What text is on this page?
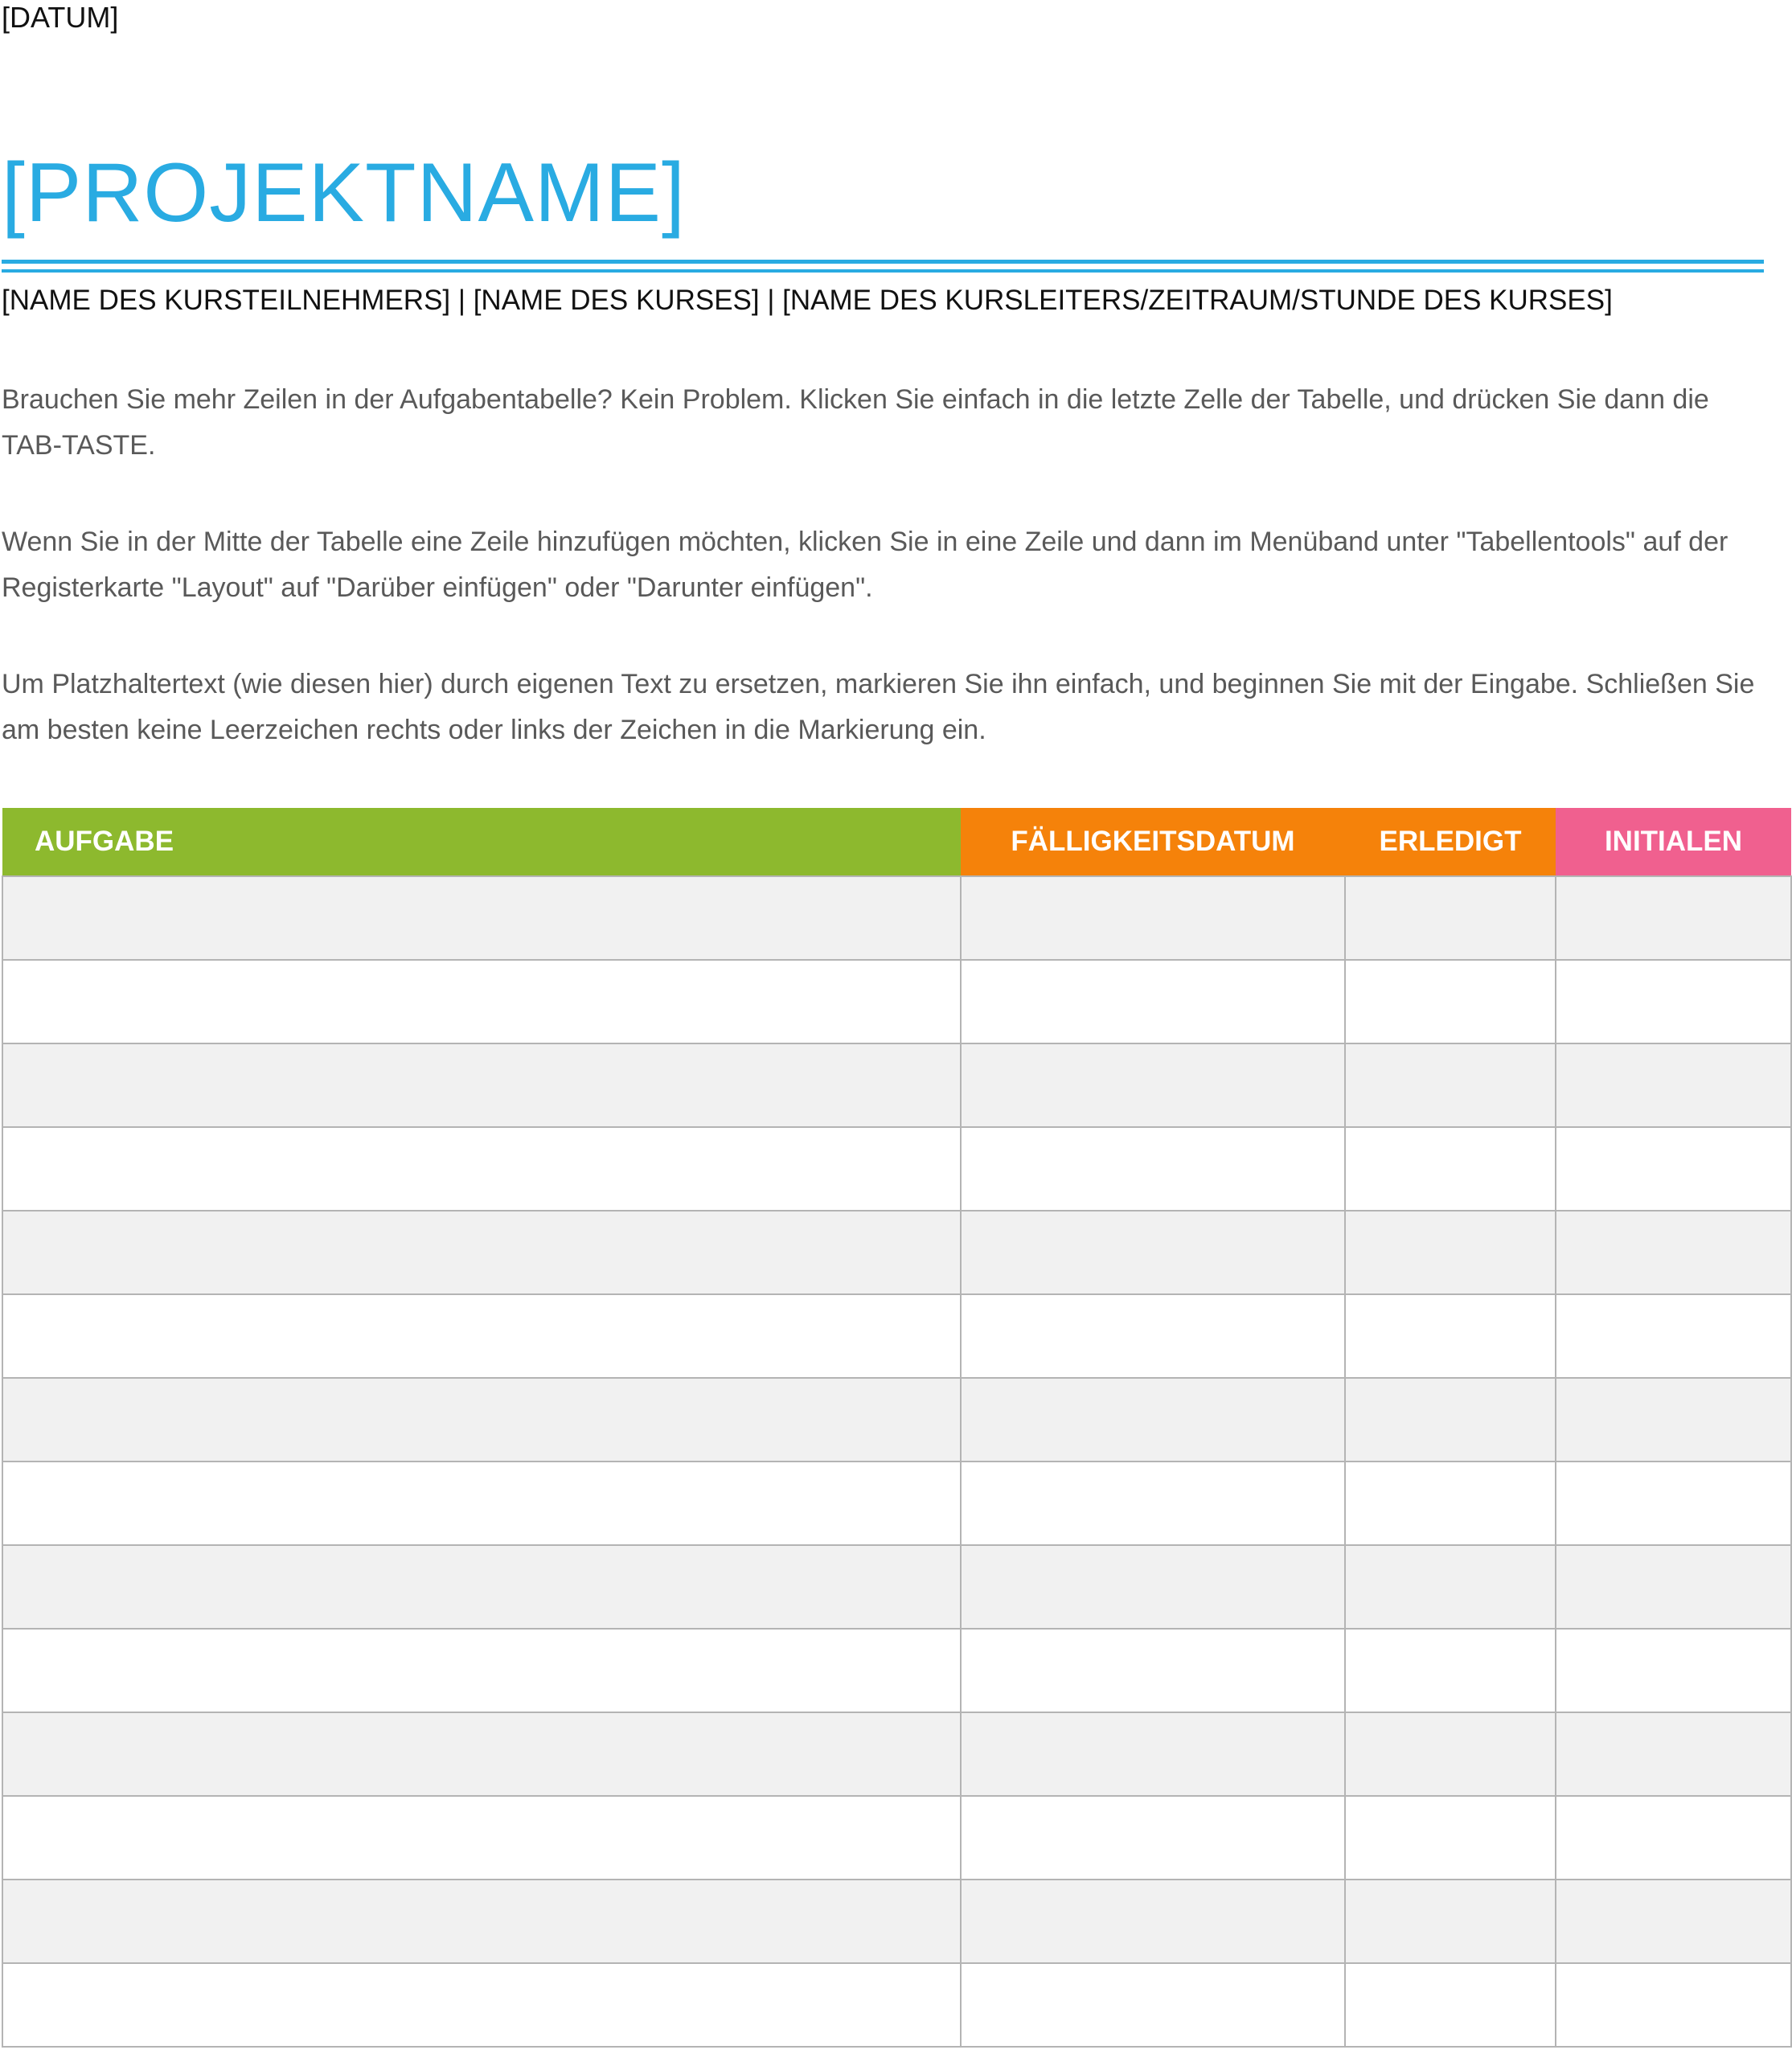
[DATUM]
[PROJEKTNAME]
[NAME DES KURSTEILNEHMERS] | [NAME DES KURSES] | [NAME DES KURSLEITERS/ZEITRAUM/STUNDE DES KURSES]

Brauchen Sie mehr Zeilen in der Aufgabentabelle? Kein Problem. Klicken Sie einfach in die letzte Zelle der Tabelle, und drücken Sie dann die TAB-TASTE.

Wenn Sie in der Mitte der Tabelle eine Zeile hinzufügen möchten, klicken Sie in eine Zeile und dann im Menüband unter "Tabellentools" auf der Registerkarte "Layout" auf "Darüber einfügen" oder "Darunter einfügen".

Um Platzhaltertext (wie diesen hier) durch eigenen Text zu ersetzen, markieren Sie ihn einfach, und beginnen Sie mit der Eingabe. Schließen Sie am besten keine Leerzeichen rechts oder links der Zeichen in die Markierung ein.

AUFGABE	FÄLLIGKEITSDATUM	ERLEDIGT	INITIALEN
